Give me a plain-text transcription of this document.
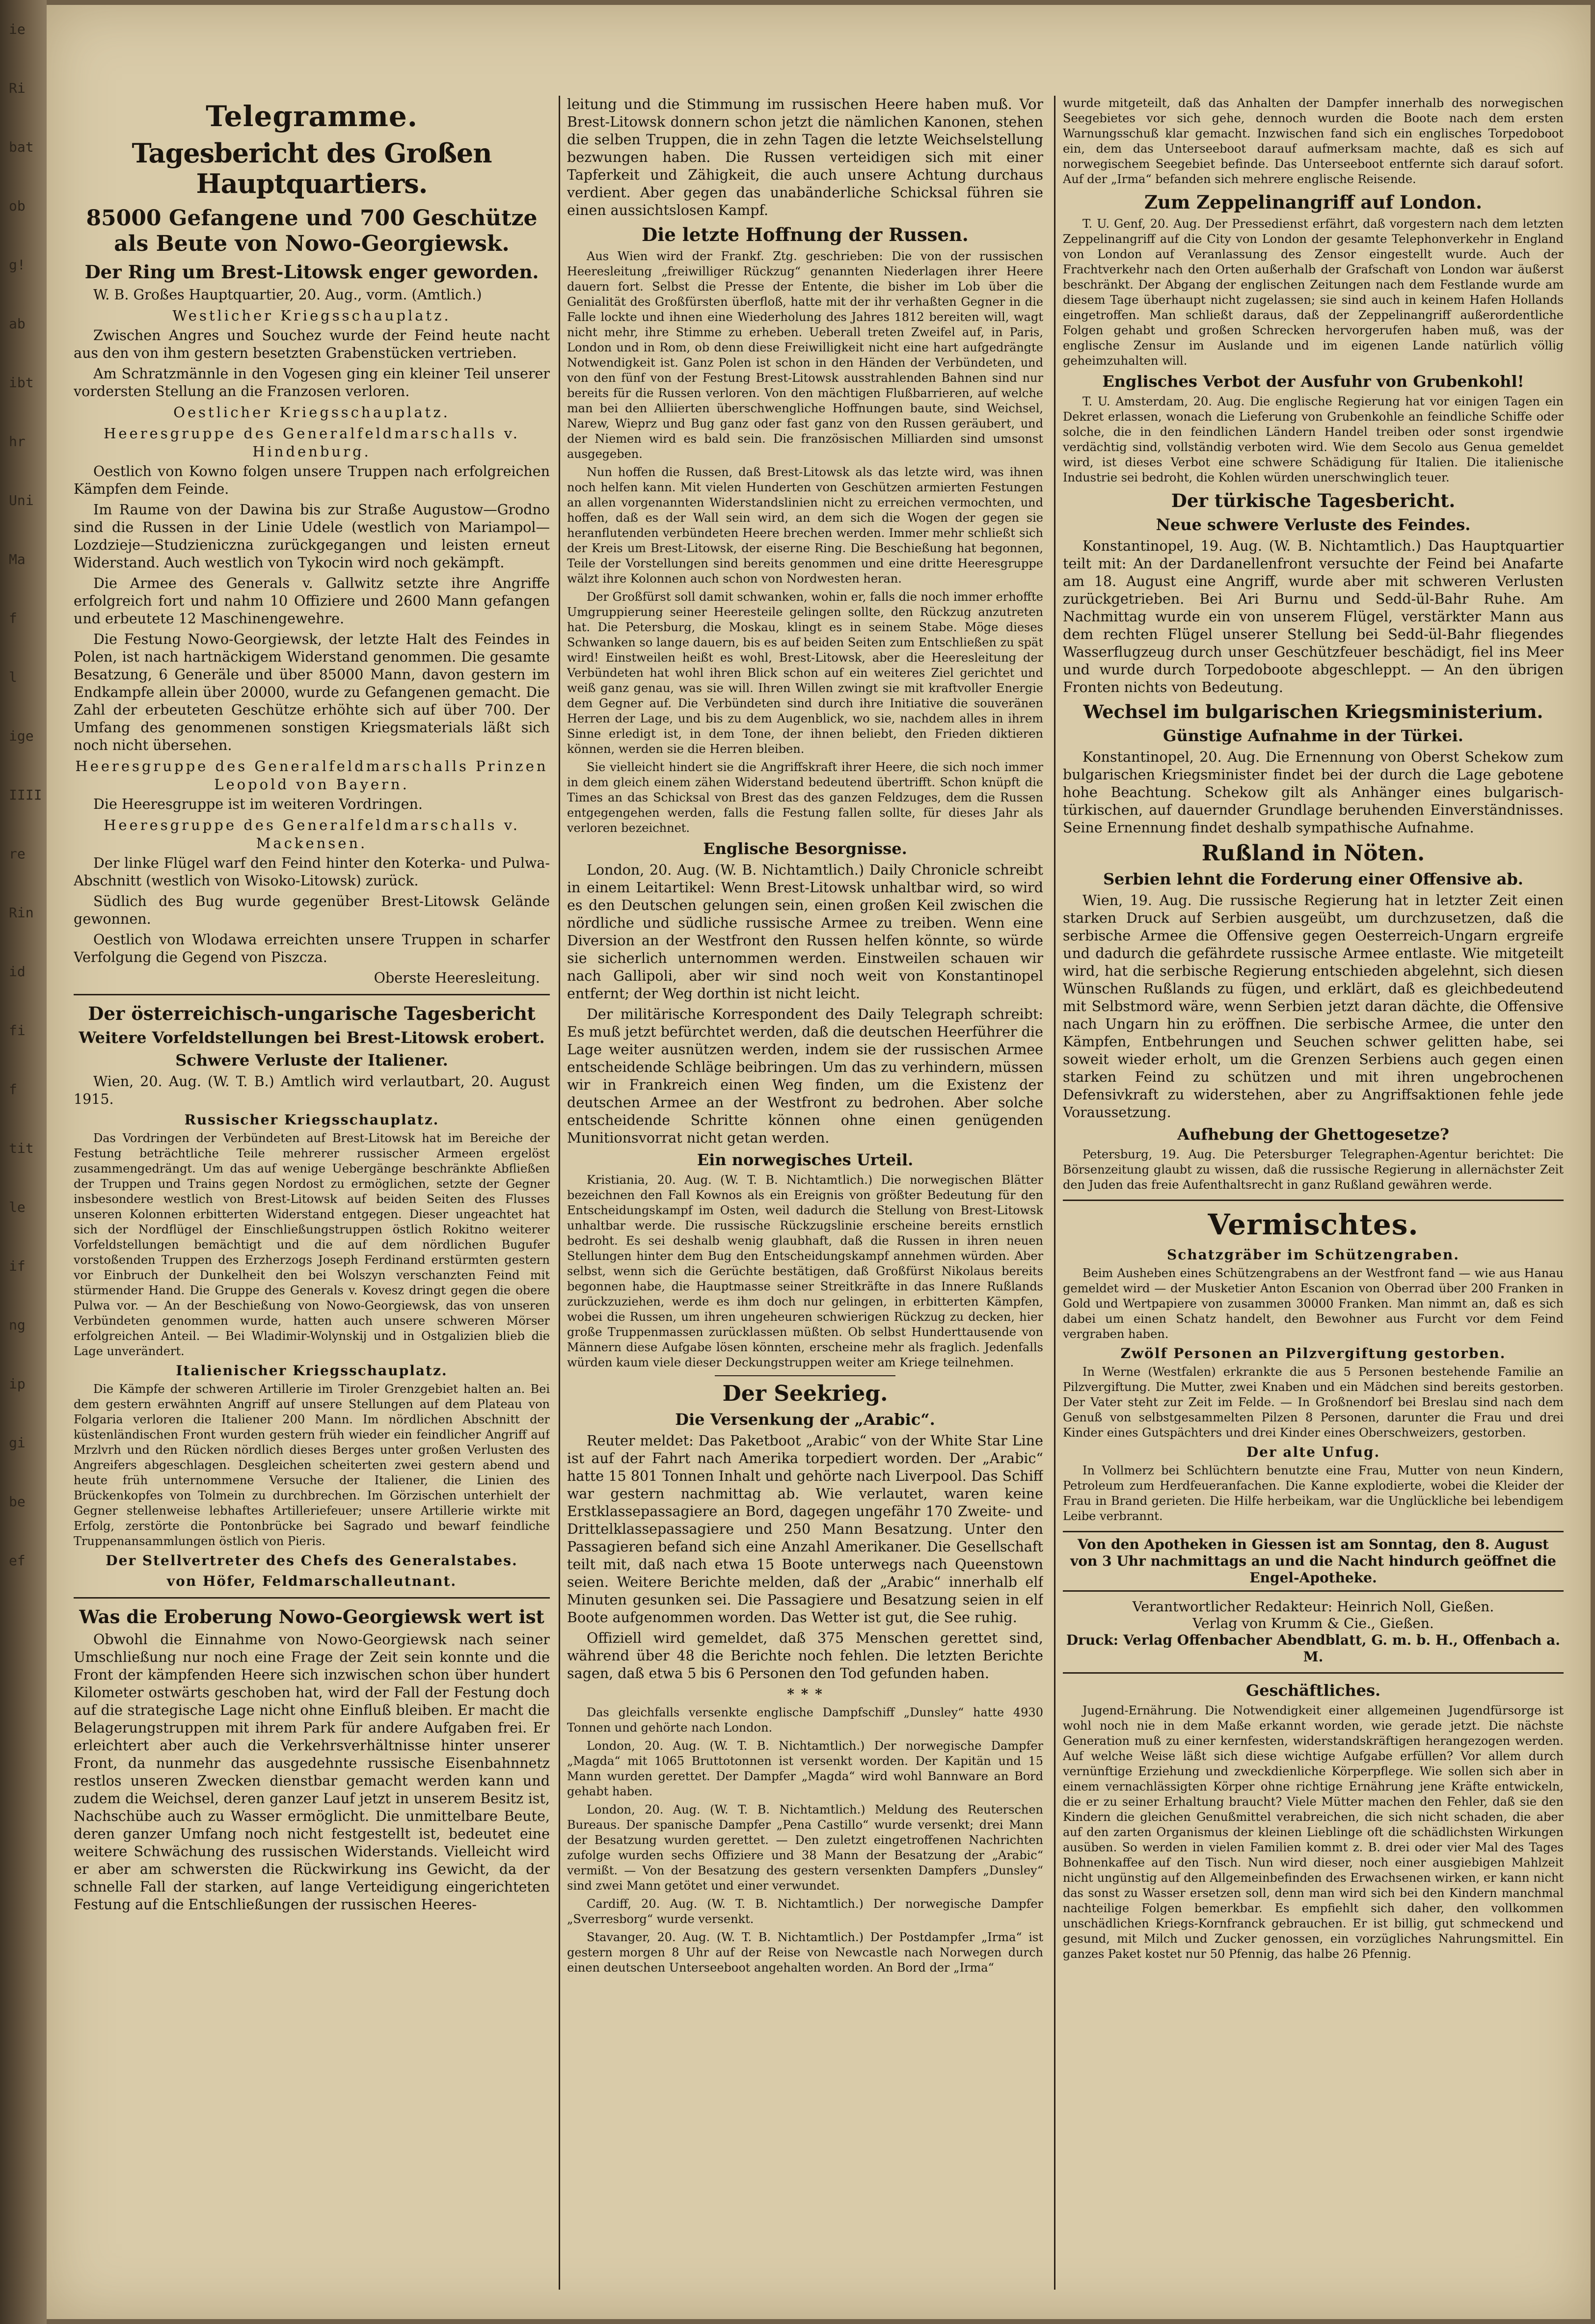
ie
Ri
bat
ob
g!
ab
ibt
hr
Uni
Ma
f
l
ige
IIII
re
Rin
id
fi
f
tit
le
if
ng
ip
gi
be
ef
Telegramme.
Tagesbericht des Großen Hauptquartiers.
85000 Gefangene und 700 Geschütze als Beute von Nowo-Georgiewsk.
Der Ring um Brest-Litowsk enger geworden.

W. B. Großes Hauptquartier, 20. Aug., vorm. (Amtlich.)

Westlicher Kriegsschauplatz.

Zwischen Angres und Souchez wurde der Feind heute nacht aus den von ihm gestern besetzten Grabenstücken vertrieben.

Am Schratzmännle in den Vogesen ging ein kleiner Teil unserer vordersten Stellung an die Franzosen verloren.

Oestlicher Kriegsschauplatz.
Heeresgruppe des Generalfeldmarschalls v. Hindenburg.

Oestlich von Kowno folgen unsere Truppen nach erfolgreichen Kämpfen dem Feinde.

Im Raume von der Dawina bis zur Straße Augustow—Grodno sind die Russen in der Linie Udele (westlich von Mariampol—Lozdzieje—Studzieniczna zurückgegangen und leisten erneut Widerstand. Auch westlich von Tykocin wird noch gekämpft.

Die Armee des Generals v. Gallwitz setzte ihre Angriffe erfolgreich fort und nahm 10 Offiziere und 2600 Mann gefangen und erbeutete 12 Maschinengewehre.

Die Festung Nowo-Georgiewsk, der letzte Halt des Feindes in Polen, ist nach hartnäckigem Widerstand genommen. Die gesamte Besatzung, 6 Generäle und über 85000 Mann, davon gestern im Endkampfe allein über 20000, wurde zu Gefangenen gemacht. Die Zahl der erbeuteten Geschütze erhöhte sich auf über 700. Der Umfang des genommenen sonstigen Kriegsmaterials läßt sich noch nicht übersehen.

Heeresgruppe des Generalfeldmarschalls Prinzen Leopold von Bayern.

Die Heeresgruppe ist im weiteren Vordringen.

Heeresgruppe des Generalfeldmarschalls v. Mackensen.

Der linke Flügel warf den Feind hinter den Koterka- und Pulwa-Abschnitt (westlich von Wisoko-Litowsk) zurück.

Südlich des Bug wurde gegenüber Brest-Litowsk Gelände gewonnen.

Oestlich von Wlodawa erreichten unsere Truppen in scharfer Verfolgung die Gegend von Piszcza.

Oberste Heeresleitung.
Der österreichisch-ungarische Tagesbericht
Weitere Vorfeldstellungen bei Brest-Litowsk erobert.
Schwere Verluste der Italiener.

Wien, 20. Aug. (W. T. B.) Amtlich wird verlautbart, 20. August 1915.

Russischer Kriegsschauplatz.

Das Vordringen der Verbündeten auf Brest-Litowsk hat im Bereiche der Festung beträchtliche Teile mehrerer russischer Armeen ergelöst zusammengedrängt. Um das auf wenige Uebergänge beschränkte Abfließen der Truppen und Trains gegen Nordost zu ermöglichen, setzte der Gegner insbesondere westlich von Brest-Litowsk auf beiden Seiten des Flusses unseren Kolonnen erbitterten Widerstand entgegen. Dieser ungeachtet hat sich der Nordflügel der Einschließungstruppen östlich Rokitno weiterer Vorfeldstellungen bemächtigt und die auf dem nördlichen Bugufer vorstoßenden Truppen des Erzherzogs Joseph Ferdinand erstürmten gestern vor Einbruch der Dunkelheit den bei Wolszyn verschanzten Feind mit stürmender Hand. Die Gruppe des Generals v. Kovesz dringt gegen die obere Pulwa vor. — An der Beschießung von Nowo-Georgiewsk, das von unseren Verbündeten genommen wurde, hatten auch unsere schweren Mörser erfolgreichen Anteil. — Bei Wladimir-Wolynskij und in Ostgalizien blieb die Lage unverändert.

Italienischer Kriegsschauplatz.

Die Kämpfe der schweren Artillerie im Tiroler Grenzgebiet halten an. Bei dem gestern erwähnten Angriff auf unsere Stellungen auf dem Plateau von Folgaria verloren die Italiener 200 Mann. Im nördlichen Abschnitt der küstenländischen Front wurden gestern früh wieder ein feindlicher Angriff auf Mrzlvrh und den Rücken nördlich dieses Berges unter großen Verlusten des Angreifers abgeschlagen. Desgleichen scheiterten zwei gestern abend und heute früh unternommene Versuche der Italiener, die Linien des Brückenkopfes von Tolmein zu durchbrechen. Im Görzischen unterhielt der Gegner stellenweise lebhaftes Artilleriefeuer; unsere Artillerie wirkte mit Erfolg, zerstörte die Pontonbrücke bei Sagrado und bewarf feindliche Truppenansammlungen östlich von Pieris.

Der Stellvertreter des Chefs des Generalstabes.
von Höfer, Feldmarschalleutnant.
Was die Eroberung Nowo-Georgiewsk wert ist

Obwohl die Einnahme von Nowo-Georgiewsk nach seiner Umschließung nur noch eine Frage der Zeit sein konnte und die Front der kämpfenden Heere sich inzwischen schon über hundert Kilometer ostwärts geschoben hat, wird der Fall der Festung doch auf die strategische Lage nicht ohne Einfluß bleiben. Er macht die Belagerungstruppen mit ihrem Park für andere Aufgaben frei. Er erleichtert aber auch die Verkehrsverhältnisse hinter unserer Front, da nunmehr das ausgedehnte russische Eisenbahnnetz restlos unseren Zwecken dienstbar gemacht werden kann und zudem die Weichsel, deren ganzer Lauf jetzt in unserem Besitz ist, Nachschübe auch zu Wasser ermöglicht. Die unmittelbare Beute, deren ganzer Umfang noch nicht festgestellt ist, bedeutet eine weitere Schwächung des russischen Widerstands. Vielleicht wird er aber am schwersten die Rückwirkung ins Gewicht, da der schnelle Fall der starken, auf lange Verteidigung eingerichteten Festung auf die Entschließungen der russischen Heeres-

leitung und die Stimmung im russischen Heere haben muß. Vor Brest-Litowsk donnern schon jetzt die nämlichen Kanonen, stehen die selben Truppen, die in zehn Tagen die letzte Weichselstellung bezwungen haben. Die Russen verteidigen sich mit einer Tapferkeit und Zähigkeit, die auch unsere Achtung durchaus verdient. Aber gegen das unabänderliche Schicksal führen sie einen aussichtslosen Kampf.

Die letzte Hoffnung der Russen.

Aus Wien wird der Frankf. Ztg. geschrieben: Die von der russischen Heeresleitung „freiwilliger Rückzug“ genannten Niederlagen ihrer Heere dauern fort. Selbst die Presse der Entente, die bisher im Lob über die Genialität des Großfürsten überfloß, hatte mit der ihr verhaßten Gegner in die Falle lockte und ihnen eine Wiederholung des Jahres 1812 bereiten will, wagt nicht mehr, ihre Stimme zu erheben. Ueberall treten Zweifel auf, in Paris, London und in Rom, ob denn diese Freiwilligkeit nicht eine hart aufgedrängte Notwendigkeit ist. Ganz Polen ist schon in den Händen der Verbündeten, und von den fünf von der Festung Brest-Litowsk ausstrahlenden Bahnen sind nur bereits für die Russen verloren. Von den mächtigen Flußbarrieren, auf welche man bei den Alliierten überschwengliche Hoffnungen baute, sind Weichsel, Narew, Wieprz und Bug ganz oder fast ganz von den Russen geräubert, und der Niemen wird es bald sein. Die französischen Milliarden sind umsonst ausgegeben.

Nun hoffen die Russen, daß Brest-Litowsk als das letzte wird, was ihnen noch helfen kann. Mit vielen Hunderten von Geschützen armierten Festungen an allen vorgenannten Widerstandslinien nicht zu erreichen vermochten, und hoffen, daß es der Wall sein wird, an dem sich die Wogen der gegen sie heranflutenden verbündeten Heere brechen werden. Immer mehr schließt sich der Kreis um Brest-Litowsk, der eiserne Ring. Die Beschießung hat begonnen, Teile der Vorstellungen sind bereits genommen und eine dritte Heeresgruppe wälzt ihre Kolonnen auch schon von Nordwesten heran.

Der Großfürst soll damit schwanken, wohin er, falls die noch immer erhoffte Umgruppierung seiner Heeresteile gelingen sollte, den Rückzug anzutreten hat. Die Petersburg, die Moskau, klingt es in seinem Stabe. Möge dieses Schwanken so lange dauern, bis es auf beiden Seiten zum Entschließen zu spät wird! Einstweilen heißt es wohl, Brest-Litowsk, aber die Heeresleitung der Verbündeten hat wohl ihren Blick schon auf ein weiteres Ziel gerichtet und weiß ganz genau, was sie will. Ihren Willen zwingt sie mit kraftvoller Energie dem Gegner auf. Die Verbündeten sind durch ihre Initiative die souveränen Herren der Lage, und bis zu dem Augenblick, wo sie, nachdem alles in ihrem Sinne erledigt ist, in dem Tone, der ihnen beliebt, den Frieden diktieren können, werden sie die Herren bleiben.

Sie vielleicht hindert sie die Angriffskraft ihrer Heere, die sich noch immer in dem gleich einem zähen Widerstand bedeutend übertrifft. Schon knüpft die Times an das Schicksal von Brest das des ganzen Feldzuges, dem die Russen entgegengehen werden, falls die Festung fallen sollte, für dieses Jahr als verloren bezeichnet.

Englische Besorgnisse.

London, 20. Aug. (W. B. Nichtamtlich.) Daily Chronicle schreibt in einem Leitartikel: Wenn Brest-Litowsk unhaltbar wird, so wird es den Deutschen gelungen sein, einen großen Keil zwischen die nördliche und südliche russische Armee zu treiben. Wenn eine Diversion an der Westfront den Russen helfen könnte, so würde sie sicherlich unternommen werden. Einstweilen schauen wir nach Gallipoli, aber wir sind noch weit von Konstantinopel entfernt; der Weg dorthin ist nicht leicht.

Der militärische Korrespondent des Daily Telegraph schreibt: Es muß jetzt befürchtet werden, daß die deutschen Heerführer die Lage weiter ausnützen werden, indem sie der russischen Armee entscheidende Schläge beibringen. Um das zu verhindern, müssen wir in Frankreich einen Weg finden, um die Existenz der deutschen Armee an der Westfront zu bedrohen. Aber solche entscheidende Schritte können ohne einen genügenden Munitionsvorrat nicht getan werden.

Ein norwegisches Urteil.

Kristiania, 20. Aug. (W. T. B. Nichtamtlich.) Die norwegischen Blätter bezeichnen den Fall Kownos als ein Ereignis von größter Bedeutung für den Entscheidungskampf im Osten, weil dadurch die Stellung von Brest-Litowsk unhaltbar werde. Die russische Rückzugslinie erscheine bereits ernstlich bedroht. Es sei deshalb wenig glaubhaft, daß die Russen in ihren neuen Stellungen hinter dem Bug den Entscheidungskampf annehmen würden. Aber selbst, wenn sich die Gerüchte bestätigen, daß Großfürst Nikolaus bereits begonnen habe, die Hauptmasse seiner Streitkräfte in das Innere Rußlands zurückzuziehen, werde es ihm doch nur gelingen, in erbitterten Kämpfen, wobei die Russen, um ihren ungeheuren schwierigen Rückzug zu decken, hier große Truppenmassen zurücklassen müßten. Ob selbst Hunderttausende von Männern diese Aufgabe lösen könnten, erscheine mehr als fraglich. Jedenfalls würden kaum viele dieser Deckungstruppen weiter am Kriege teilnehmen.

Der Seekrieg.
Die Versenkung der „Arabic“.

Reuter meldet: Das Paketboot „Arabic“ von der White Star Line ist auf der Fahrt nach Amerika torpediert worden. Der „Arabic“ hatte 15 801 Tonnen Inhalt und gehörte nach Liverpool. Das Schiff war gestern nachmittag ab. Wie verlautet, waren keine Erstklassepassagiere an Bord, dagegen ungefähr 170 Zweite- und Drittelklassepassagiere und 250 Mann Besatzung. Unter den Passagieren befand sich eine Anzahl Amerikaner. Die Gesellschaft teilt mit, daß nach etwa 15 Boote unterwegs nach Queenstown seien. Weitere Berichte melden, daß der „Arabic“ innerhalb elf Minuten gesunken sei. Die Passagiere und Besatzung seien in elf Boote aufgenommen worden. Das Wetter ist gut, die See ruhig.

Offiziell wird gemeldet, daß 375 Menschen gerettet sind, während über 48 die Berichte noch fehlen. Die letzten Berichte sagen, daß etwa 5 bis 6 Personen den Tod gefunden haben.

* * *

Das gleichfalls versenkte englische Dampfschiff „Dunsley“ hatte 4930 Tonnen und gehörte nach London.

London, 20. Aug. (W. T. B. Nichtamtlich.) Der norwegische Dampfer „Magda“ mit 1065 Bruttotonnen ist versenkt worden. Der Kapitän und 15 Mann wurden gerettet. Der Dampfer „Magda“ wird wohl Bannware an Bord gehabt haben.

London, 20. Aug. (W. T. B. Nichtamtlich.) Meldung des Reuterschen Bureaus. Der spanische Dampfer „Pena Castillo“ wurde versenkt; drei Mann der Besatzung wurden gerettet. — Den zuletzt eingetroffenen Nachrichten zufolge wurden sechs Offiziere und 38 Mann der Besatzung der „Arabic“ vermißt. — Von der Besatzung des gestern versenkten Dampfers „Dunsley“ sind zwei Mann getötet und einer verwundet.

Cardiff, 20. Aug. (W. T. B. Nichtamtlich.) Der norwegische Dampfer „Sverresborg“ wurde versenkt.

Stavanger, 20. Aug. (W. T. B. Nichtamtlich.) Der Postdampfer „Irma“ ist gestern morgen 8 Uhr auf der Reise von Newcastle nach Norwegen durch einen deutschen Unterseeboot angehalten worden. An Bord der „Irma“

wurde mitgeteilt, daß das Anhalten der Dampfer innerhalb des norwegischen Seegebietes vor sich gehe, dennoch wurden die Boote nach dem ersten Warnungsschuß klar gemacht. Inzwischen fand sich ein englisches Torpedoboot ein, dem das Unterseeboot darauf aufmerksam machte, daß es sich auf norwegischem Seegebiet befinde. Das Unterseeboot entfernte sich darauf sofort. Auf der „Irma“ befanden sich mehrere englische Reisende.

Zum Zeppelinangriff auf London.

T. U. Genf, 20. Aug. Der Pressedienst erfährt, daß vorgestern nach dem letzten Zeppelinangriff auf die City von London der gesamte Telephonverkehr in England von London auf Veranlassung des Zensor eingestellt wurde. Auch der Frachtverkehr nach den Orten außerhalb der Grafschaft von London war äußerst beschränkt. Der Abgang der englischen Zeitungen nach dem Festlande wurde am diesem Tage überhaupt nicht zugelassen; sie sind auch in keinem Hafen Hollands eingetroffen. Man schließt daraus, daß der Zeppelinangriff außerordentliche Folgen gehabt und großen Schrecken hervorgerufen haben muß, was der englische Zensur im Auslande und im eigenen Lande natürlich völlig geheimzuhalten will.

Englisches Verbot der Ausfuhr von Grubenkohl!

T. U. Amsterdam, 20. Aug. Die englische Regierung hat vor einigen Tagen ein Dekret erlassen, wonach die Lieferung von Grubenkohle an feindliche Schiffe oder solche, die in den feindlichen Ländern Handel treiben oder sonst irgendwie verdächtig sind, vollständig verboten wird. Wie dem Secolo aus Genua gemeldet wird, ist dieses Verbot eine schwere Schädigung für Italien. Die italienische Industrie sei bedroht, die Kohlen würden unerschwinglich teuer.

Der türkische Tagesbericht.
Neue schwere Verluste des Feindes.

Konstantinopel, 19. Aug. (W. B. Nichtamtlich.) Das Hauptquartier teilt mit: An der Dardanellenfront versuchte der Feind bei Anafarte am 18. August eine Angriff, wurde aber mit schweren Verlusten zurückgetrieben. Bei Ari Burnu und Sedd-ül-Bahr Ruhe. Am Nachmittag wurde ein von unserem Flügel, verstärkter Mann aus dem rechten Flügel unserer Stellung bei Sedd-ül-Bahr fliegendes Wasserflugzeug durch unser Geschützfeuer beschädigt, fiel ins Meer und wurde durch Torpedoboote abgeschleppt. — An den übrigen Fronten nichts von Bedeutung.

Wechsel im bulgarischen Kriegsministerium.
Günstige Aufnahme in der Türkei.

Konstantinopel, 20. Aug. Die Ernennung von Oberst Schekow zum bulgarischen Kriegsminister findet bei der durch die Lage gebotene hohe Beachtung. Schekow gilt als Anhänger eines bulgarisch-türkischen, auf dauernder Grundlage beruhenden Einverständnisses. Seine Ernennung findet deshalb sympathische Aufnahme.

Rußland in Nöten.
Serbien lehnt die Forderung einer Offensive ab.

Wien, 19. Aug. Die russische Regierung hat in letzter Zeit einen starken Druck auf Serbien ausgeübt, um durchzusetzen, daß die serbische Armee die Offensive gegen Oesterreich-Ungarn ergreife und dadurch die gefährdete russische Armee entlaste. Wie mitgeteilt wird, hat die serbische Regierung entschieden abgelehnt, sich diesen Wünschen Rußlands zu fügen, und erklärt, daß es gleichbedeutend mit Selbstmord wäre, wenn Serbien jetzt daran dächte, die Offensive nach Ungarn hin zu eröffnen. Die serbische Armee, die unter den Kämpfen, Entbehrungen und Seuchen schwer gelitten habe, sei soweit wieder erholt, um die Grenzen Serbiens auch gegen einen starken Feind zu schützen und mit ihren ungebrochenen Defensivkraft zu widerstehen, aber zu Angriffsaktionen fehle jede Voraussetzung.

Aufhebung der Ghettogesetze?

Petersburg, 19. Aug. Die Petersburger Telegraphen-Agentur berichtet: Die Börsenzeitung glaubt zu wissen, daß die russische Regierung in allernächster Zeit den Juden das freie Aufenthaltsrecht in ganz Rußland gewähren werde.

Vermischtes.
Schatzgräber im Schützengraben.

Beim Ausheben eines Schützengrabens an der Westfront fand — wie aus Hanau gemeldet wird — der Musketier Anton Escanion von Oberrad über 200 Franken in Gold und Wertpapiere von zusammen 30000 Franken. Man nimmt an, daß es sich dabei um einen Schatz handelt, den Bewohner aus Furcht vor dem Feind vergraben haben.

Zwölf Personen an Pilzvergiftung gestorben.

In Werne (Westfalen) erkrankte die aus 5 Personen bestehende Familie an Pilzvergiftung. Die Mutter, zwei Knaben und ein Mädchen sind bereits gestorben. Der Vater steht zur Zeit im Felde. — In Großnendorf bei Breslau sind nach dem Genuß von selbstgesammelten Pilzen 8 Personen, darunter die Frau und drei Kinder eines Gutspächters und drei Kinder eines Oberschweizers, gestorben.

Der alte Unfug.

In Vollmerz bei Schlüchtern benutzte eine Frau, Mutter von neun Kindern, Petroleum zum Herdfeueranfachen. Die Kanne explodierte, wobei die Kleider der Frau in Brand gerieten. Die Hilfe herbeikam, war die Unglückliche bei lebendigem Leibe verbrannt.

Von den Apotheken in Giessen ist am Sonntag, den 8. August von 3 Uhr nachmittags an und die Nacht hindurch geöffnet die Engel-Apotheke.

Verantwortlicher Redakteur: Heinrich Noll, Gießen.

Verlag von Krumm & Cie., Gießen.

Druck: Verlag Offenbacher Abendblatt, G. m. b. H., Offenbach a. M.

Geschäftliches.

Jugend-Ernährung. Die Notwendigkeit einer allgemeinen Jugendfürsorge ist wohl noch nie in dem Maße erkannt worden, wie gerade jetzt. Die nächste Generation muß zu einer kernfesten, widerstandskräftigen herangezogen werden. Auf welche Weise läßt sich diese wichtige Aufgabe erfüllen? Vor allem durch vernünftige Erziehung und zweckdienliche Körperpflege. Wie sollen sich aber in einem vernachlässigten Körper ohne richtige Ernährung jene Kräfte entwickeln, die er zu seiner Erhaltung braucht? Viele Mütter machen den Fehler, daß sie den Kindern die gleichen Genußmittel verabreichen, die sich nicht schaden, die aber auf den zarten Organismus der kleinen Lieblinge oft die schädlichsten Wirkungen ausüben. So werden in vielen Familien kommt z. B. drei oder vier Mal des Tages Bohnenkaffee auf den Tisch. Nun wird dieser, noch einer ausgiebigen Mahlzeit nicht ungünstig auf den Allgemeinbefinden des Erwachsenen wirken, er kann nicht das sonst zu Wasser ersetzen soll, denn man wird sich bei den Kindern manchmal nachteilige Folgen bemerkbar. Es empfiehlt sich daher, den vollkommen unschädlichen Kriegs-Kornfranck gebrauchen. Er ist billig, gut schmeckend und gesund, mit Milch und Zucker genossen, ein vorzügliches Nahrungsmittel. Ein ganzes Paket kostet nur 50 Pfennig, das halbe 26 Pfennig.
